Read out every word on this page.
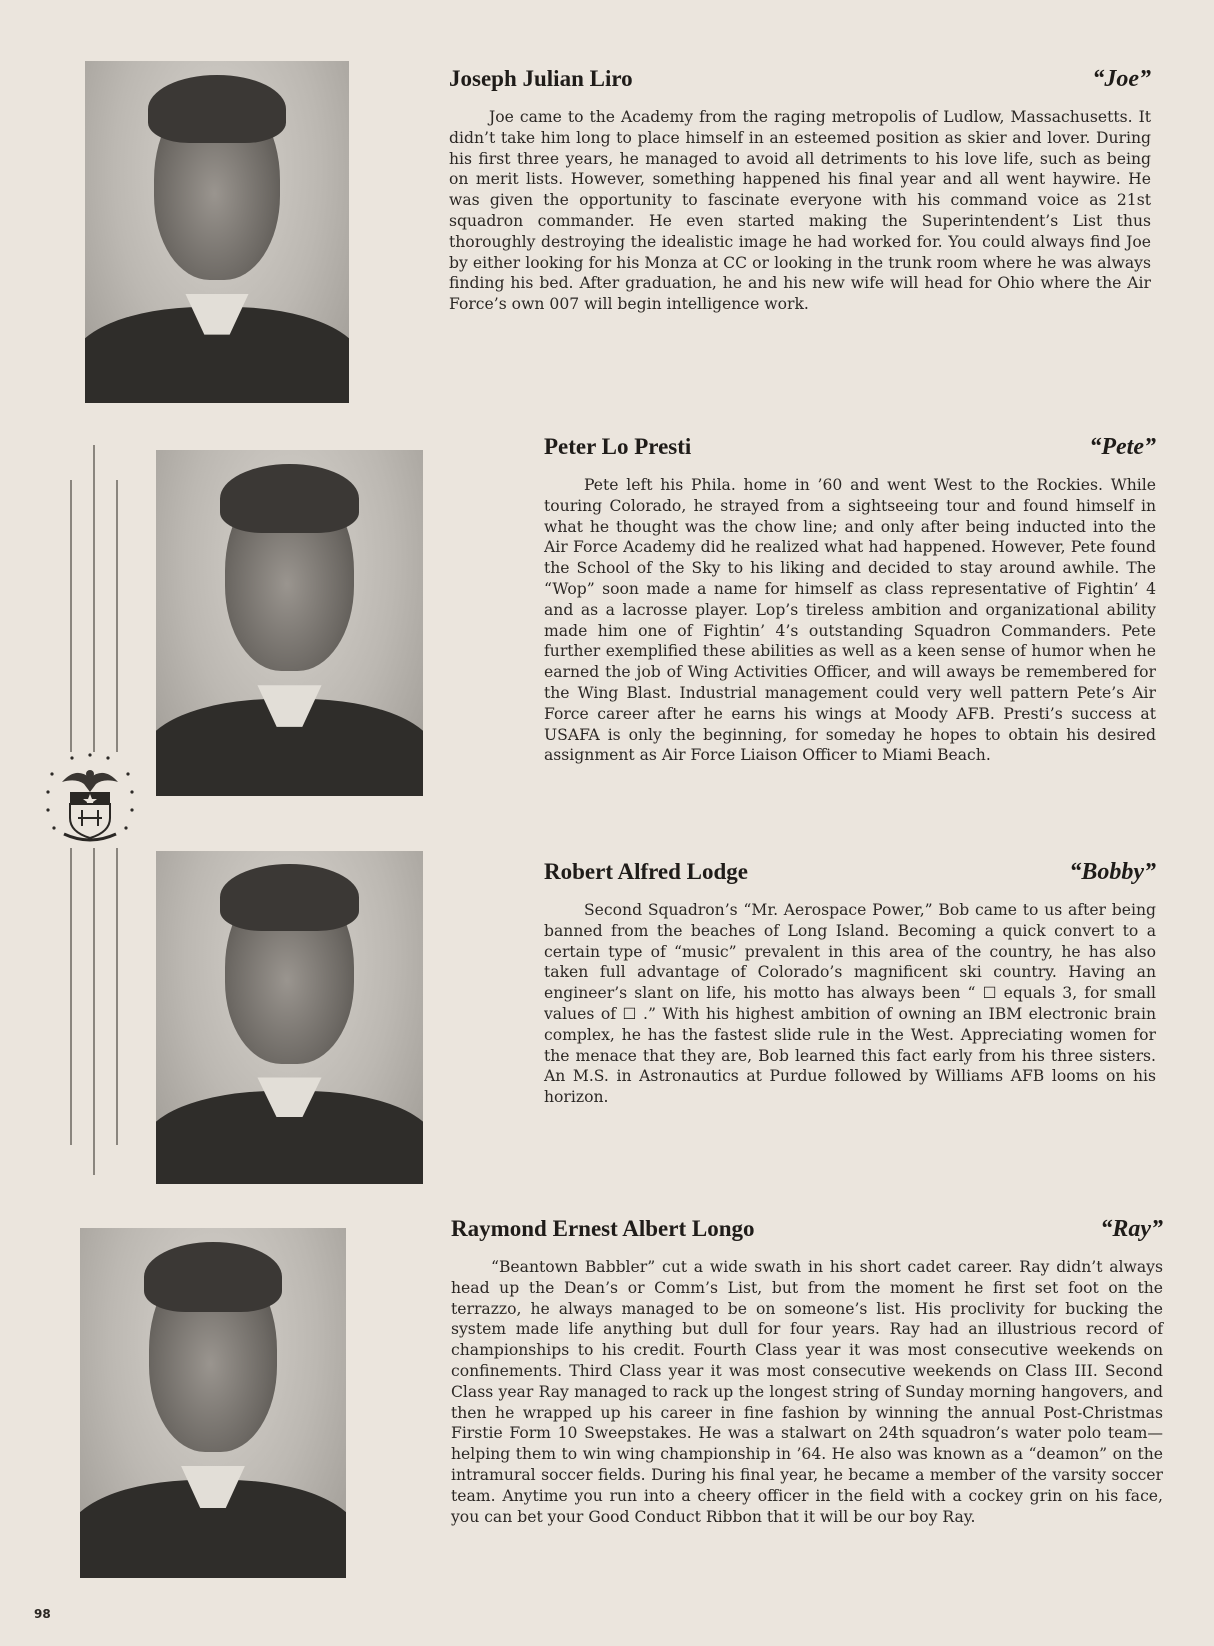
Joseph Julian Liro	“Joe”

Joe came to the Academy from the raging metropolis of Ludlow, Massachusetts. It didn’t take him long to place himself in an esteemed position as skier and lover. During his first three years, he managed to avoid all detriments to his love life, such as being on merit lists. However, something happened his final year and all went haywire. He was given the opportunity to fascinate everyone with his command voice as 21st squadron commander. He even started making the Superintendent’s List thus thoroughly destroying the idealistic image he had worked for. You could always find Joe by either looking for his Monza at CC or looking in the trunk room where he was always finding his bed. After graduation, he and his new wife will head for Ohio where the Air Force’s own 007 will begin intelligence work.

Peter Lo Presti	“Pete”

Pete left his Phila. home in ’60 and went West to the Rockies. While touring Colorado, he strayed from a sightseeing tour and found himself in what he thought was the chow line; and only after being inducted into the Air Force Academy did he realized what had happened. However, Pete found the School of the Sky to his liking and decided to stay around awhile. The “Wop” soon made a name for himself as class representative of Fightin’ 4 and as a lacrosse player. Lop’s tireless ambition and organizational ability made him one of Fightin’ 4’s outstanding Squadron Commanders. Pete further exemplified these abilities as well as a keen sense of humor when he earned the job of Wing Activities Officer, and will aways be remembered for the Wing Blast. Industrial management could very well pattern Pete’s Air Force career after he earns his wings at Moody AFB. Presti’s success at USAFA is only the beginning, for someday he hopes to obtain his desired assignment as Air Force Liaison Officer to Miami Beach.

Robert Alfred Lodge	“Bobby”

Second Squadron’s “Mr. Aerospace Power,” Bob came to us after being banned from the beaches of Long Island. Becoming a quick convert to a certain type of “music” prevalent in this area of the country, he has also taken full advantage of Colorado’s magnificent ski country. Having an engineer’s slant on life, his motto has always been “ ☐ equals 3, for small values of ☐ .” With his highest ambition of owning an IBM electronic brain complex, he has the fastest slide rule in the West. Appreciating women for the menace that they are, Bob learned this fact early from his three sisters. An M.S. in Astronautics at Purdue followed by Williams AFB looms on his horizon.

Raymond Ernest Albert Longo	“Ray”

“Beantown Babbler” cut a wide swath in his short cadet career. Ray didn’t always head up the Dean’s or Comm’s List, but from the moment he first set foot on the terrazzo, he always managed to be on someone’s list. His proclivity for bucking the system made life anything but dull for four years. Ray had an illustrious record of championships to his credit. Fourth Class year it was most consecutive weekends on confinements. Third Class year it was most consecutive weekends on Class III. Second Class year Ray managed to rack up the longest string of Sunday morning hangovers, and then he wrapped up his career in fine fashion by winning the annual Post-Christmas Firstie Form 10 Sweepstakes. He was a stalwart on 24th squadron’s water polo team—helping them to win wing championship in ’64. He also was known as a “deamon” on the intramural soccer fields. During his final year, he became a member of the varsity soccer team. Anytime you run into a cheery officer in the field with a cockey grin on his face, you can bet your Good Conduct Ribbon that it will be our boy Ray.

98
